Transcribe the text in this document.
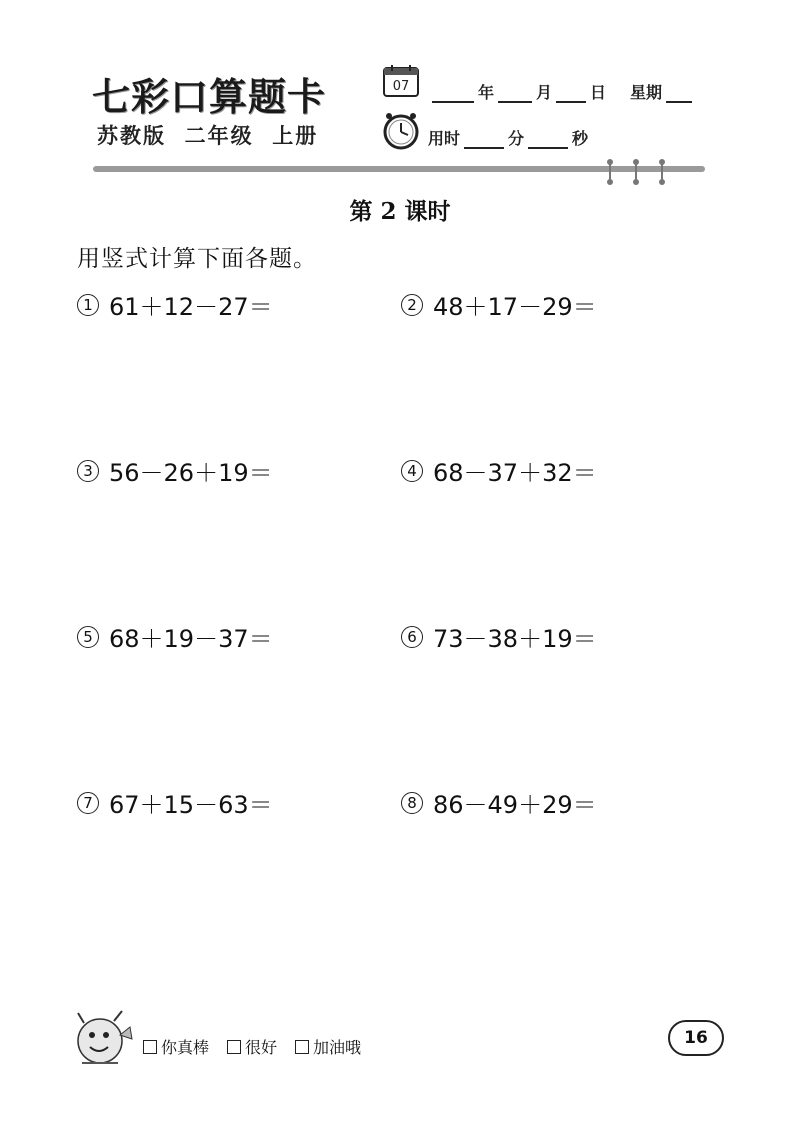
七彩口算题卡
苏教版  二年级  上册
07	年	月 日 星期
用时	分	秒
第 2 课时
用竖式计算下面各题。
1 61＋12－27＝	2 48＋17－29＝
3 56－26＋19＝	4 68－37＋32＝
5 68＋19－37＝	6 73－38＋19＝
7 67＋15－63＝	8 86－49＋29＝
你真棒 很好 加油哦	16
